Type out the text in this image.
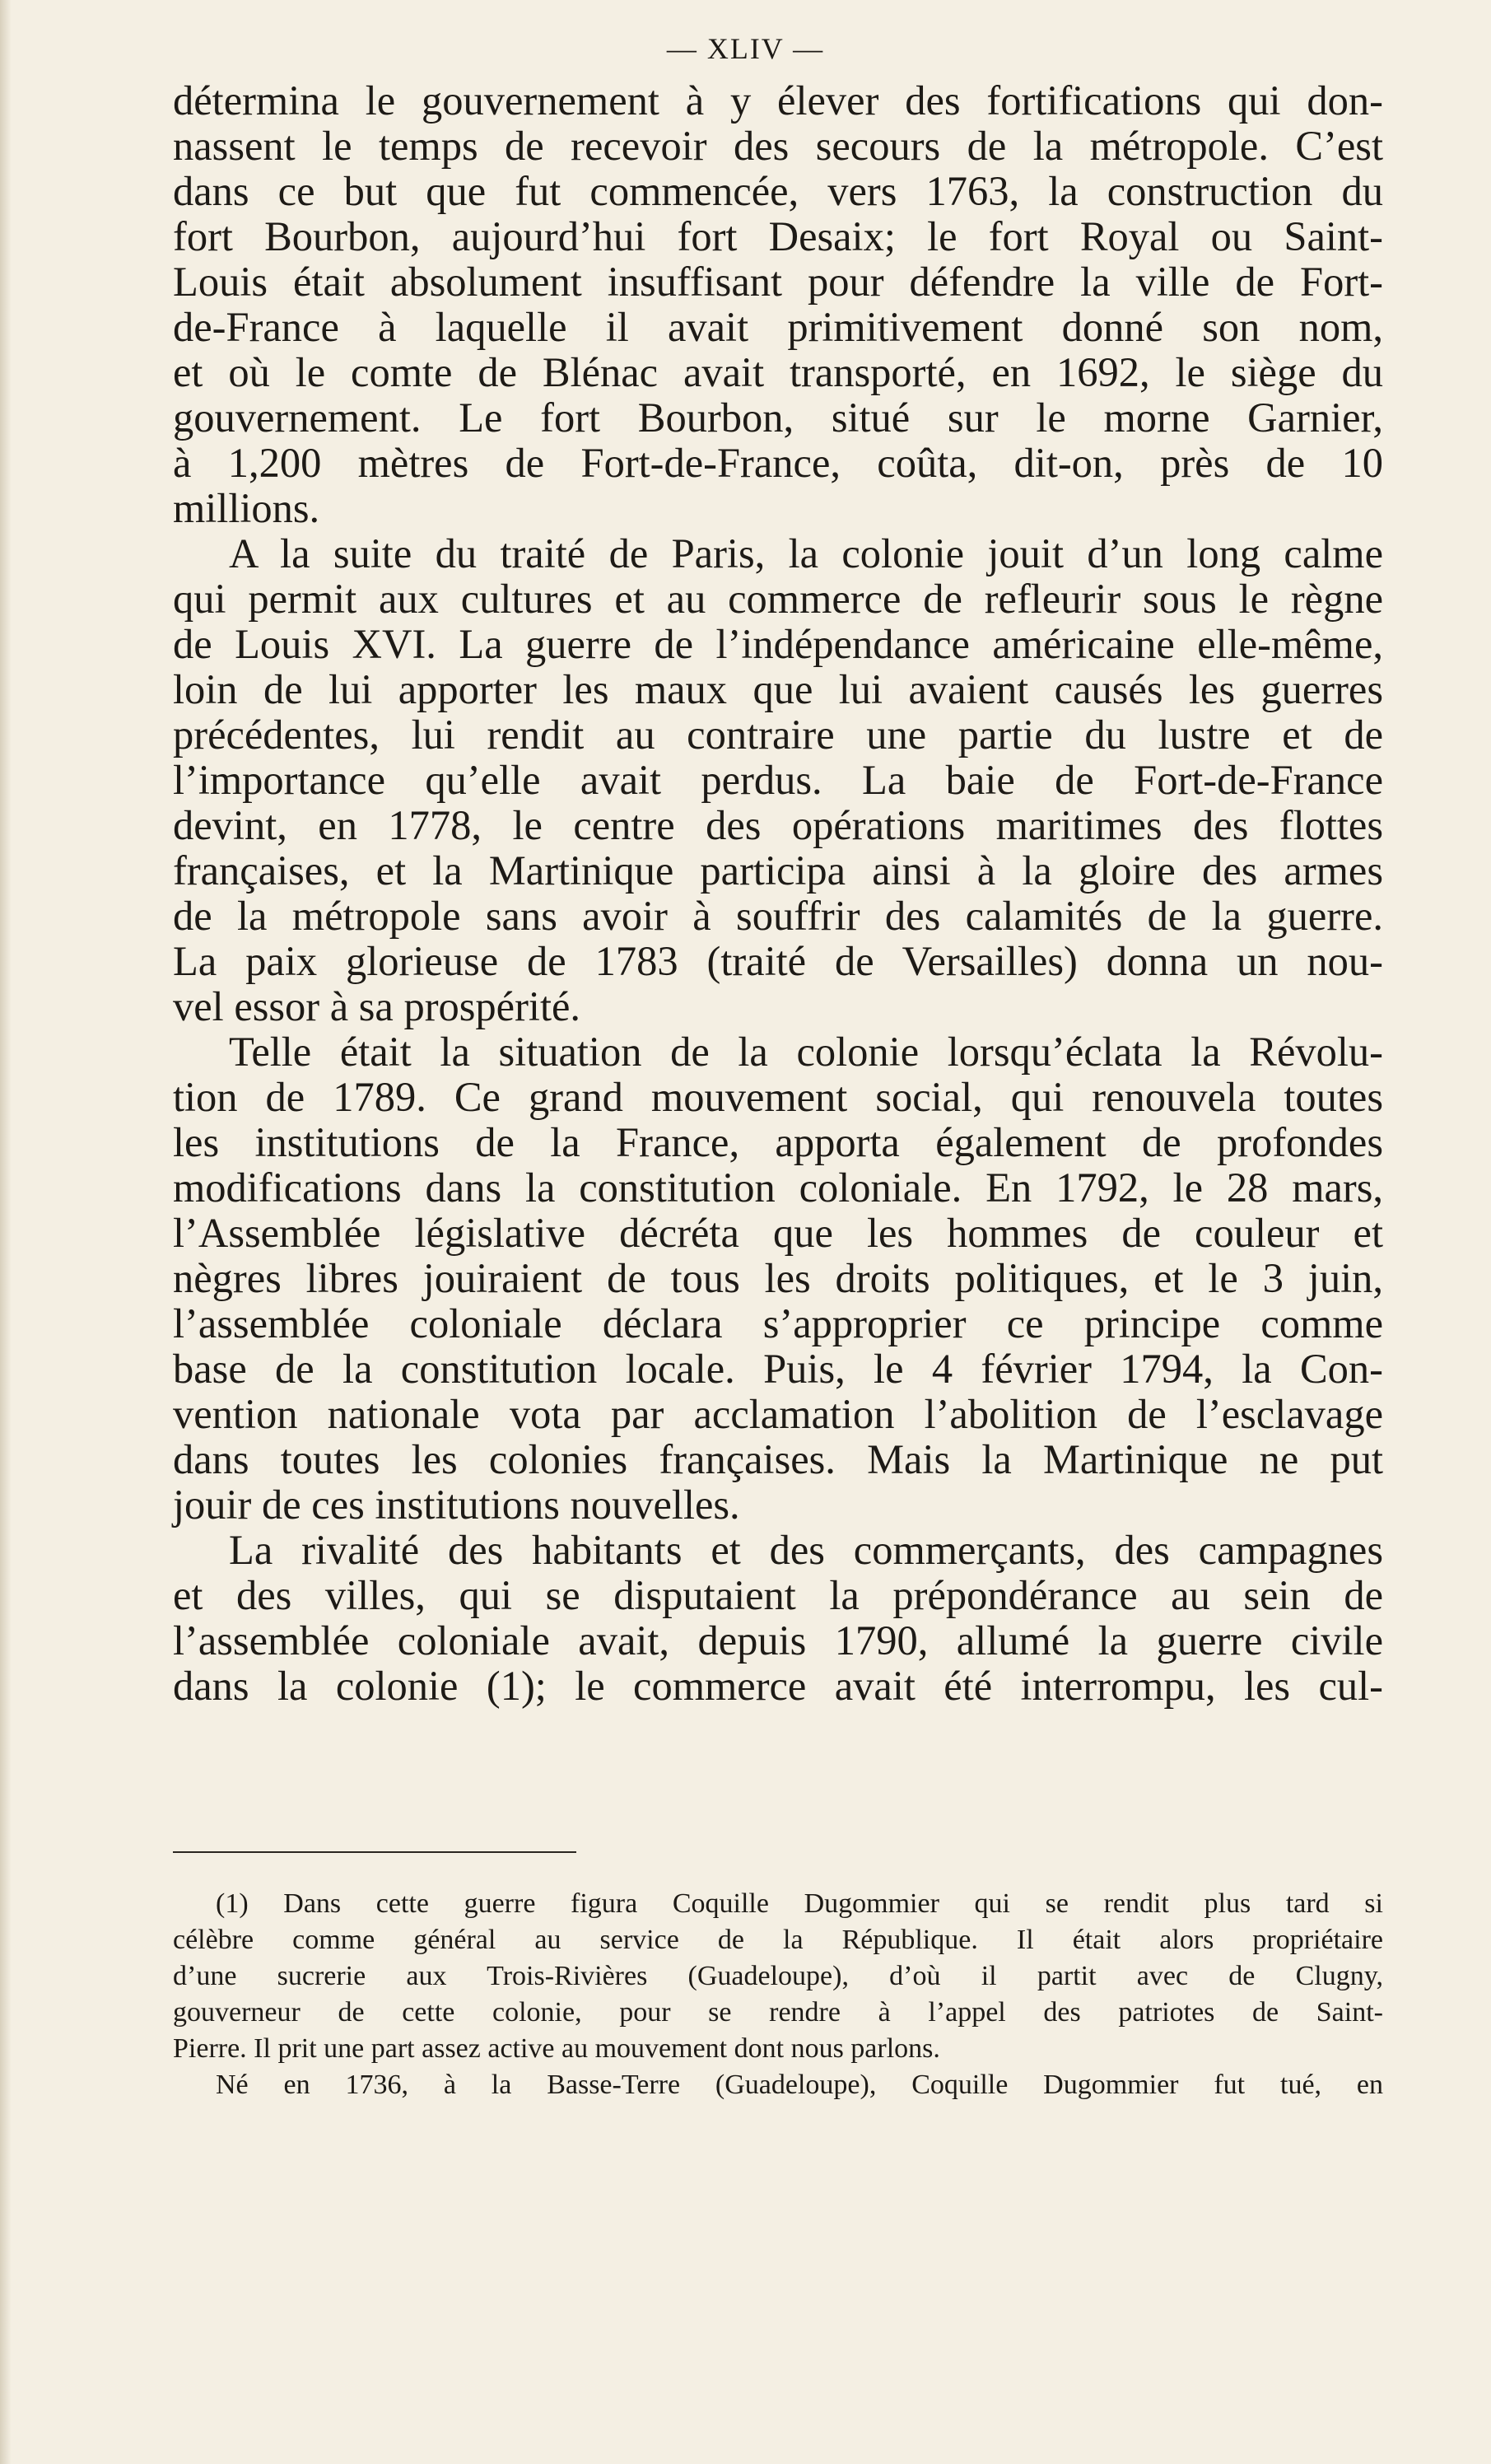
— XLIV —

détermina le gouvernement à y élever des fortifications qui don-

nassent le temps de recevoir des secours de la métropole. C’est

dans ce but que fut commencée, vers 1763, la construction du

fort Bourbon, aujourd’hui fort Desaix; le fort Royal ou Saint-

Louis était absolument insuffisant pour défendre la ville de Fort-

de-France à laquelle il avait primitivement donné son nom,

et où le comte de Blénac avait transporté, en 1692, le siège du

gouvernement. Le fort Bourbon, situé sur le morne Garnier,

à 1,200 mètres de Fort-de-France, coûta, dit-on, près de 10

millions.

A la suite du traité de Paris, la colonie jouit d’un long calme

qui permit aux cultures et au commerce de refleurir sous le règne

de Louis XVI. La guerre de l’indépendance américaine elle-même,

loin de lui apporter les maux que lui avaient causés les guerres

précédentes, lui rendit au contraire une partie du lustre et de

l’importance qu’elle avait perdus. La baie de Fort-de-France

devint, en 1778, le centre des opérations maritimes des flottes

françaises, et la Martinique participa ainsi à la gloire des armes

de la métropole sans avoir à souffrir des calamités de la guerre.

La paix glorieuse de 1783 (traité de Versailles) donna un nou-

vel essor à sa prospérité.

Telle était la situation de la colonie lorsqu’éclata la Révolu-

tion de 1789. Ce grand mouvement social, qui renouvela toutes

les institutions de la France, apporta également de profondes

modifications dans la constitution coloniale. En 1792, le 28 mars,

l’Assemblée législative décréta que les hommes de couleur et

nègres libres jouiraient de tous les droits politiques, et le 3 juin,

l’assemblée coloniale déclara s’approprier ce principe comme

base de la constitution locale. Puis, le 4 février 1794, la Con-

vention nationale vota par acclamation l’abolition de l’esclavage

dans toutes les colonies françaises. Mais la Martinique ne put

jouir de ces institutions nouvelles.

La rivalité des habitants et des commerçants, des campagnes

et des villes, qui se disputaient la prépondérance au sein de

l’assemblée coloniale avait, depuis 1790, allumé la guerre civile

dans la colonie (1); le commerce avait été interrompu, les cul-

(1) Dans cette guerre figura Coquille Dugommier qui se rendit plus tard si

célèbre comme général au service de la République. Il était alors propriétaire

d’une sucrerie aux Trois-Rivières (Guadeloupe), d’où il partit avec de Clugny,

gouverneur de cette colonie, pour se rendre à l’appel des patriotes de Saint-

Pierre. Il prit une part assez active au mouvement dont nous parlons.

Né en 1736, à la Basse-Terre (Guadeloupe), Coquille Dugommier fut tué, en
